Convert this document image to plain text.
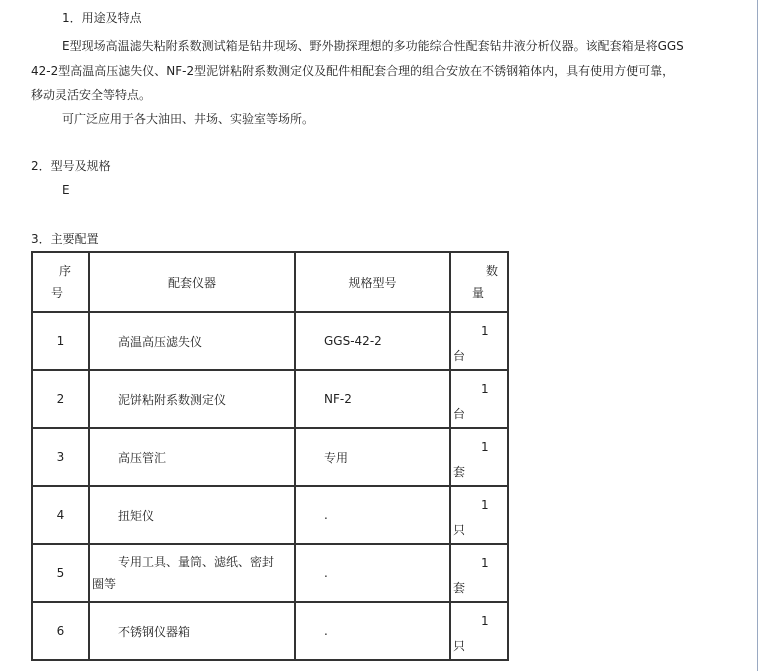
1．用途及特点
E型现场高温滤失粘附系数测试箱是钻井现场、野外勘探理想的多功能综合性配套钻井液分析仪器。该配套箱是将GGS
42-2型高温高压滤失仪、NF-2型泥饼粘附系数测定仪及配件相配套合理的组合安放在不锈钢箱体内，具有使用方便可靠，
移动灵活安全等特点。
可广泛应用于各大油田、井场、实验室等场所。
2．型号及规格
E
3．主要配置
序
号	配套仪器	规格型号	数
量

1	高温高压滤失仪	GGS-42-2	1
台

2	泥饼粘附系数测定仪	NF-2	1
台

3	高压管汇	专用	1
套

4	扭矩仪	.	1
只

5	专用工具、量筒、滤纸、密封
圈等	.	1
套

6	不锈钢仪器箱	.	1
只
